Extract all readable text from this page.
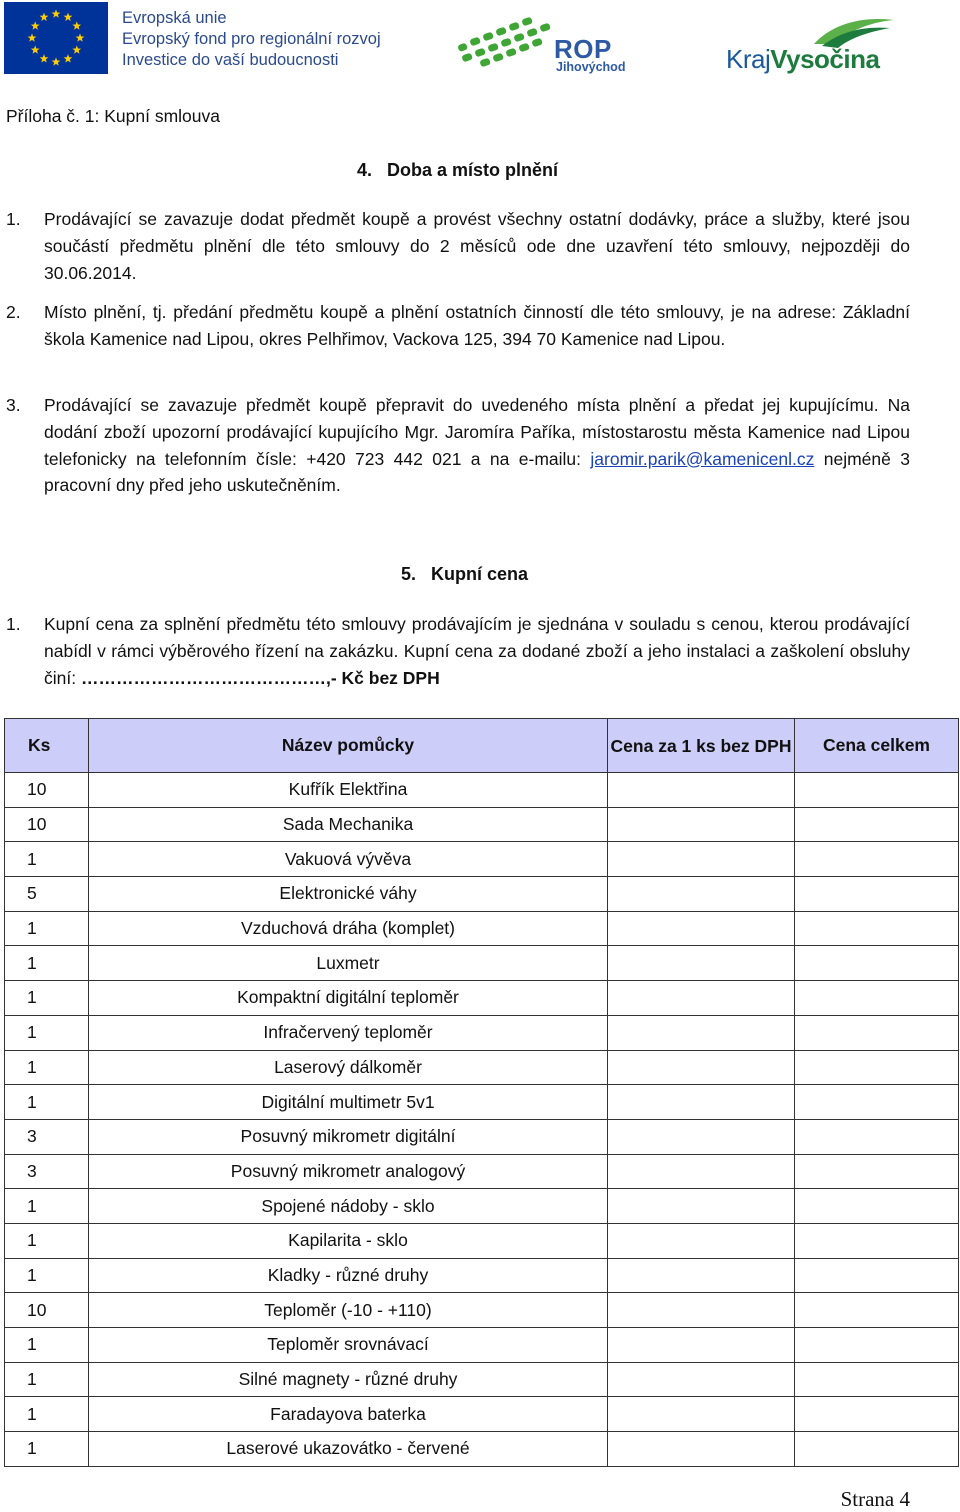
Evropská unie
Evropský fond pro regionální rozvoj
Investice do vaší budoucnosti	ROP
Jihovýchod	KrajVysočina
Příloha č. 1: Kupní smlouva
4.   Doba a místo plnění
1. Prodávající se zavazuje dodat předmět koupě a provést všechny ostatní dodávky, práce a služby, které jsou součástí předmětu plnění dle této smlouvy do 2 měsíců ode dne uzavření této smlouvy, nejpozději do 30.06.2014.
2. Místo plnění, tj. předání předmětu koupě a plnění ostatních činností dle této smlouvy, je na adrese: Základní škola Kamenice nad Lipou, okres Pelhřimov, Vackova 125, 394 70 Kamenice nad Lipou.
3. Prodávající se zavazuje předmět koupě přepravit do uvedeného místa plnění a předat jej kupujícímu. Na dodání zboží upozorní prodávající kupujícího Mgr. Jaromíra Paříka, místostarostu města Kamenice nad Lipou telefonicky na telefonním čísle: +420 723 442 021 a na e-mailu: jaromir.parik@kamenicenl.cz nejméně 3 pracovní dny před jeho uskutečněním.
5.   Kupní cena
1. Kupní cena za splnění předmětu této smlouvy prodávajícím je sjednána v souladu s cenou, kterou prodávající nabídl v rámci výběrového řízení na zakázku. Kupní cena za dodané zboží a jeho instalaci a zaškolení obsluhy činí: ……………………………………,- Kč bez DPH
Ks	Název pomůcky	Cena za 1 ks bez DPH	Cena celkem
10	Kufřík Elektřina		
10	Sada Mechanika		
1	Vakuová vývěva		
5	Elektronické váhy		
1	Vzduchová dráha (komplet)		
1	Luxmetr		
1	Kompaktní digitální teploměr		
1	Infračervený teploměr		
1	Laserový dálkoměr		
1	Digitální multimetr 5v1		
3	Posuvný mikrometr digitální		
3	Posuvný mikrometr analogový		
1	Spojené nádoby - sklo		
1	Kapilarita - sklo		
1	Kladky - různé druhy		
10	Teploměr (-10 - +110)		
1	Teploměr srovnávací		
1	Silné magnety - různé druhy		
1	Faradayova baterka		
1	Laserové ukazovátko - červené		
Strana 4
